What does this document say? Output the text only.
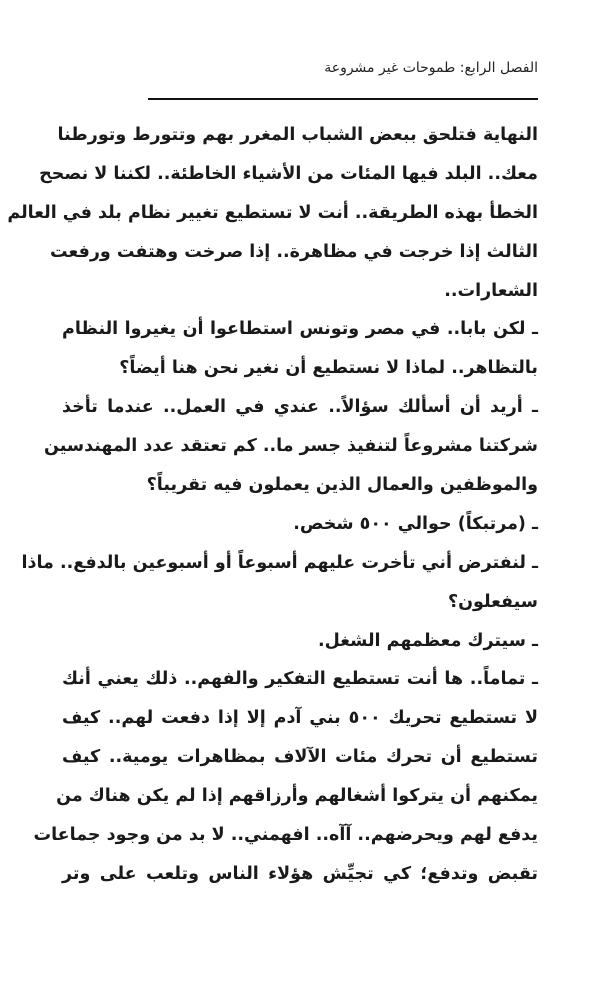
الفصل الرابع: طموحات غير مشروعة
النهاية فتلحق ببعض الشباب المغرر بهم وتتورط وتورطنا
معك.. البلد فيها المئات من الأشياء الخاطئة.. لكننا لا نصحح
الخطأ بهذه الطريقة.. أنت لا تستطيع تغيير نظام بلد في العالم
الثالث إذا خرجت في مظاهرة.. إذا صرخت وهتفت ورفعت
الشعارات..
ـ لكن بابا.. في مصر وتونس استطاعوا أن يغيروا النظام
بالتظاهر.. لماذا لا نستطيع أن نغير نحن هنا أيضاً؟
ـ أريد أن أسألك سؤالاً.. عندي في العمل.. عندما تأخذ
شركتنا مشروعاً لتنفيذ جسر ما.. كم تعتقد عدد المهندسين
والموظفين والعمال الذين يعملون فيه تقريباً؟
ـ (مرتبكاً) حوالي ٥٠٠ شخص.
ـ لنفترض أني تأخرت عليهم أسبوعاً أو أسبوعين بالدفع.. ماذا
سيفعلون؟
ـ سيترك معظمهم الشغل.
ـ تماماً.. ها أنت تستطيع التفكير والفهم.. ذلك يعني أنك
لا تستطيع تحريك ٥٠٠ بني آدم إلا إذا دفعت لهم.. كيف
تستطيع أن تحرك مئات الآلاف بمظاهرات يومية.. كيف
يمكنهم أن يتركوا أشغالهم وأرزاقهم إذا لم يكن هناك من
يدفع لهم ويحرضهم.. آآه.. افهمني.. لا بد من وجود جماعات
تقبض وتدفع؛ كي تجيِّش هؤلاء الناس وتلعب على وتر
